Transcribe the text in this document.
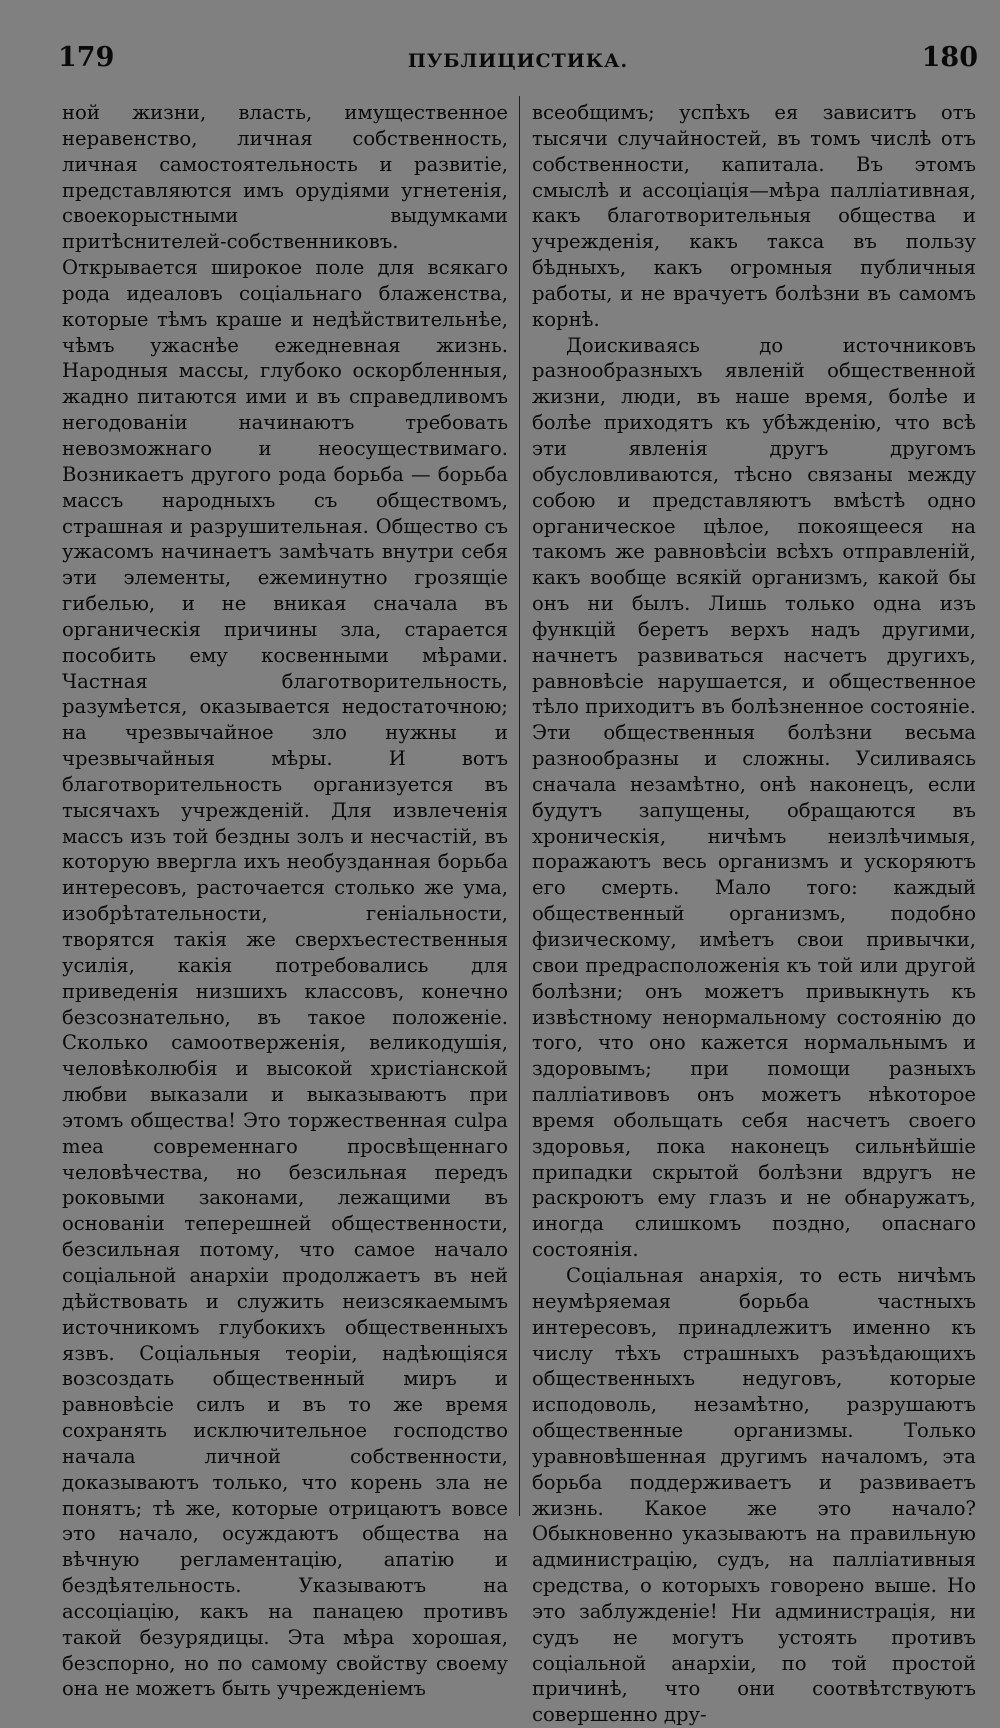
179	ПУБЛИЦИСТИКА.	180

ной жизни, власть, имущественное неравенство, личная собственность, личная самостоятельность и развитіе, представляются имъ орудіями угнетенія, своекорыстными выдумками притѣснителей-собственниковъ. Открывается широкое поле для всякаго рода идеаловъ соціальнаго блаженства, которые тѣмъ краше и недѣйствительнѣе, чѣмъ ужаснѣе ежедневная жизнь. Народныя массы, глубоко оскорбленныя, жадно питаются ими и въ справедливомъ негодованіи начинаютъ требовать невозможнаго и неосуществимаго. Возникаетъ другого рода борьба — борьба массъ народныхъ съ обществомъ, страшная и разрушительная. Общество съ ужасомъ начинаетъ замѣчать внутри себя эти элементы, ежеминутно грозящіе гибелью, и не вникая сначала въ органическія причины зла, старается пособить ему косвенными мѣрами. Частная благотворительность, разумѣется, оказывается недостаточною; на чрезвычайное зло нужны и чрезвычайныя мѣры. И вотъ благотворительность организуется въ тысячахъ учрежденій. Для извлеченія массъ изъ той бездны золъ и несчастій, въ которую ввергла ихъ необузданная борьба интересовъ, расточается столько же ума, изобрѣтательности, геніальности, творятся такія же сверхъестественныя усилія, какія потребовались для приведенія низшихъ классовъ, конечно безсознательно, въ такое положеніе. Сколько самоотверженія, великодушія, человѣколюбія и высокой христіанской любви выказали и выказываютъ при этомъ общества! Это торжественная culpa mea современнаго просвѣщеннаго человѣчества, но безсильная передъ роковыми законами, лежащими въ основаніи теперешней общественности, безсильная потому, что самое начало соціальной анархіи продолжаетъ въ ней дѣйствовать и служить неизсякаемымъ источникомъ глубокихъ общественныхъ язвъ. Соціальныя теоріи, надѣющіяся возсоздать общественный миръ и равновѣсіе силъ и въ то же время сохранять исключительное господство начала личной собственности, доказываютъ только, что корень зла не понятъ; тѣ же, которые отрицаютъ вовсе это начало, осуждаютъ общества на вѣчную регламентацію, апатію и бездѣятельность. Указываютъ на ассоціацію, какъ на панацею противъ такой безурядицы. Эта мѣра хорошая, безспорно, но по самому свойству своему она не можетъ быть учрежденіемъ

всеобщимъ; успѣхъ ея зависитъ отъ тысячи случайностей, въ томъ числѣ отъ собственности, капитала. Въ этомъ смыслѣ и ассоціація—мѣра палліативная, какъ благотворительныя общества и учрежденія, какъ такса въ пользу бѣдныхъ, какъ огромныя публичныя работы, и не врачуетъ болѣзни въ самомъ корнѣ.

Доискиваясь до источниковъ разнообразныхъ явленій общественной жизни, люди, въ наше время, болѣе и болѣе приходятъ къ убѣжденію, что всѣ эти явленія другъ другомъ обусловливаются, тѣсно связаны между собою и представляютъ вмѣстѣ одно органическое цѣлое, покоящееся на такомъ же равновѣсіи всѣхъ отправленій, какъ вообще всякій организмъ, какой бы онъ ни былъ. Лишь только одна изъ функцій беретъ верхъ надъ другими, начнетъ развиваться насчетъ другихъ, равновѣсіе нарушается, и общественное тѣло приходитъ въ болѣзненное состояніе. Эти общественныя болѣзни весьма разнообразны и сложны. Усиливаясь сначала незамѣтно, онѣ наконецъ, если будутъ запущены, обращаются въ хроническія, ничѣмъ неизлѣчимыя, поражаютъ весь организмъ и ускоряютъ его смерть. Мало того: каждый общественный организмъ, подобно физическому, имѣетъ свои привычки, свои предрасположенія къ той или другой болѣзни; онъ можетъ привыкнуть къ извѣстному ненормальному состоянію до того, что оно кажется нормальнымъ и здоровымъ; при помощи разныхъ палліативовъ онъ можетъ нѣкоторое время обольщать себя насчетъ своего здоровья, пока наконецъ сильнѣйшіе припадки скрытой болѣзни вдругъ не раскроютъ ему глазъ и не обнаружатъ, иногда слишкомъ поздно, опаснаго состоянія.

Соціальная анархія, то есть ничѣмъ неумѣряемая борьба частныхъ интересовъ, принадлежитъ именно къ числу тѣхъ страшныхъ разъѣдающихъ общественныхъ недуговъ, которые исподоволь, незамѣтно, разрушаютъ общественные организмы. Только уравновѣшенная другимъ началомъ, эта борьба поддерживаетъ и развиваетъ жизнь. Какое же это начало? Обыкновенно указываютъ на правильную администрацію, судъ, на палліативныя средства, о которыхъ говорено выше. Но это заблужденіе! Ни администрація, ни судъ не могутъ устоять противъ соціальной анархіи, по той простой причинѣ, что они соотвѣтствуютъ совершенно дру-
